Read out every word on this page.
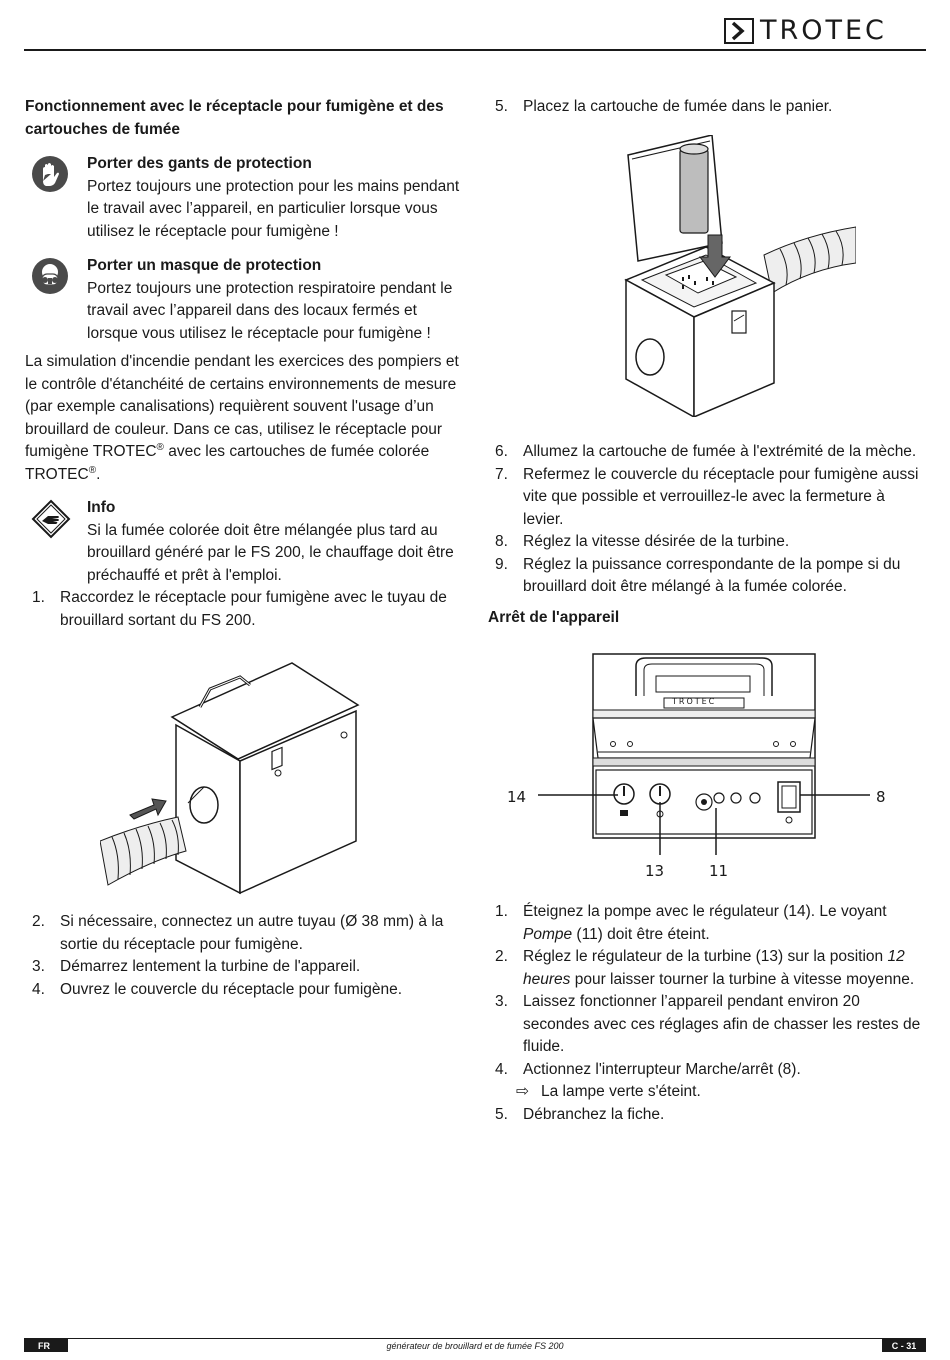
TROTEC

Fonctionnement avec le réceptacle pour fumigène et des cartouches de fumée

Porter des gants de protection
Portez toujours une protection pour les mains pendant le travail avec l’appareil, en particulier lorsque vous utilisez le réceptacle pour fumigène !
Porter un masque de protection
Portez toujours une protection respiratoire pendant le travail avec l’appareil dans des locaux fermés et lorsque vous utilisez le réceptacle pour fumigène !

La simulation d'incendie pendant les exercices des pompiers et le contrôle d'étanchéité de certains environnements de mesure (par exemple canalisations) requièrent souvent l'usage d’un brouillard de couleur. Dans ce cas, utilisez le réceptacle pour fumigène TROTEC® avec les cartouches de fumée colorée TROTEC®.

Info
Si la fumée colorée doit être mélangée plus tard au brouillard généré par le FS 200, le chauffage doit être préchauffé et prêt à l'emploi.
1. Raccordez le réceptacle pour fumigène avec le tuyau de brouillard sortant du FS 200.
2. Si nécessaire, connectez un autre tuyau (Ø 38 mm) à la sortie du réceptacle pour fumigène.
3. Démarrez lentement la turbine de l'appareil.
4. Ouvrez le couvercle du réceptacle pour fumigène.
5. Placez la cartouche de fumée dans le panier.
6. Allumez la cartouche de fumée à l'extrémité de la mèche.
7. Refermez le couvercle du réceptacle pour fumigène aussi vite que possible et verrouillez-le avec la fermeture à levier.
8. Réglez la vitesse désirée de la turbine.
9. Réglez la puissance correspondante de la pompe si du brouillard doit être mélangé à la fumée colorée.

Arrêt de l'appareil

TROTEC
14
13	11
8
1. Éteignez la pompe avec le régulateur (14). Le voyant Pompe (11) doit être éteint.
2. Réglez le régulateur de la turbine (13) sur la position 12 heures pour laisser tourner la turbine à vitesse moyenne.
3. Laissez fonctionner l’appareil pendant environ 20 secondes avec ces réglages afin de chasser les restes de fluide.
4. Actionnez l'interrupteur Marche/arrêt (8).
⇨ La lampe verte s'éteint.
5. Débranchez la fiche.
FR	générateur de brouillard et de fumée FS 200	C - 31
